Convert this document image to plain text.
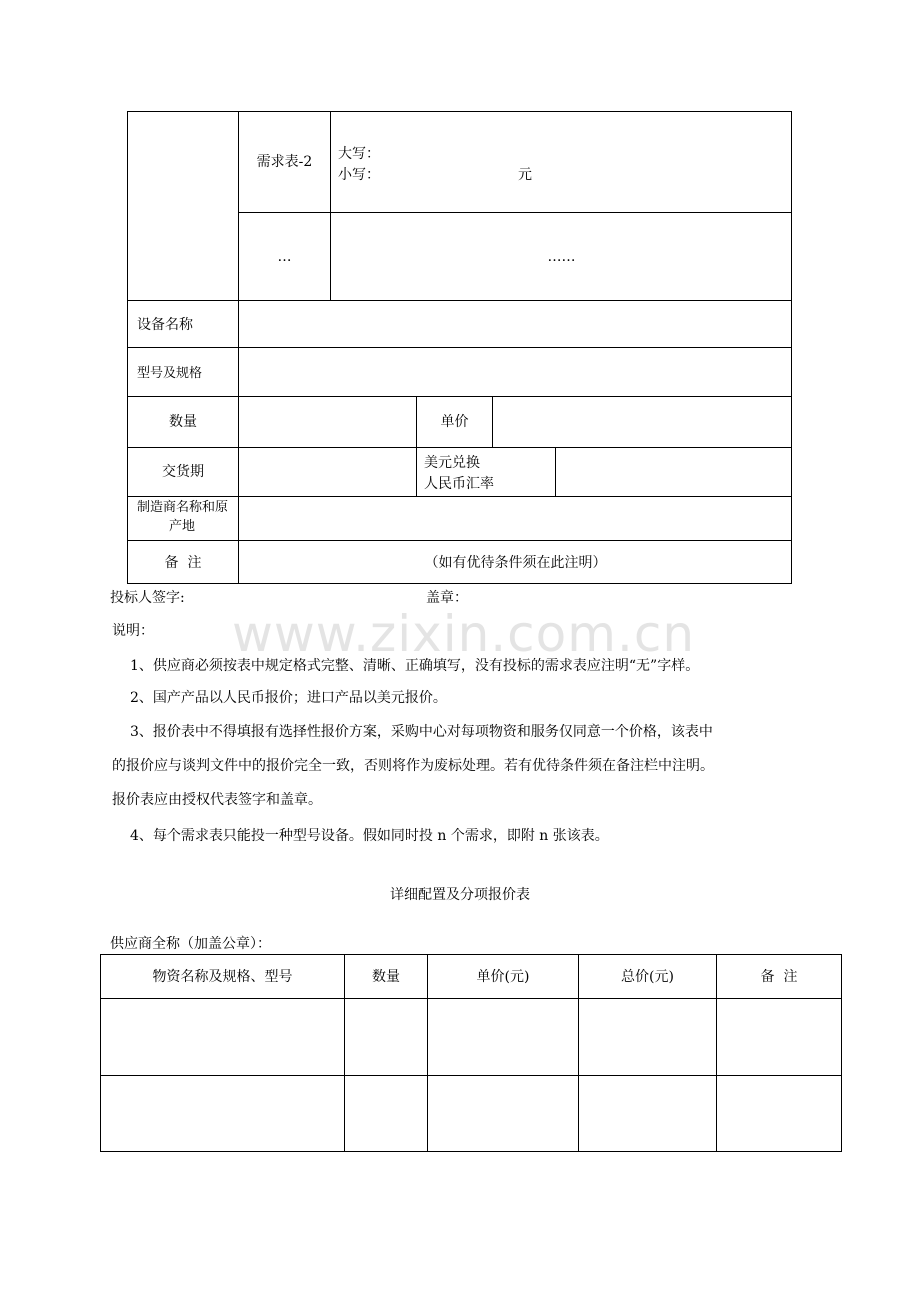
需求表-2	大写：
小写：	元
…	……
设备名称
型号及规格
数量	单价
交货期
美元兑换
人民币汇率
制造商名称和原
产地
备  注	（如有优待条件须在此注明）
投标人签字:	盖章：
www.zixin.com.cn
说明：
1、供应商必须按表中规定格式完整、清晰、正确填写，没有投标的需求表应注明“无”字样。
2、国产产品以人民币报价；进口产品以美元报价。
3、报价表中不得填报有选择性报价方案，采购中心对每项物资和服务仅同意一个价格，该表中
的报价应与谈判文件中的报价完全一致，否则将作为废标处理。若有优待条件须在备注栏中注明。
报价表应由授权代表签字和盖章。
4、每个需求表只能投一种型号设备。假如同时投 n 个需求，即附 n 张该表。
详细配置及分项报价表
供应商全称（加盖公章）：
物资名称及规格、型号	数量	单价(元)	总价(元)	备  注
